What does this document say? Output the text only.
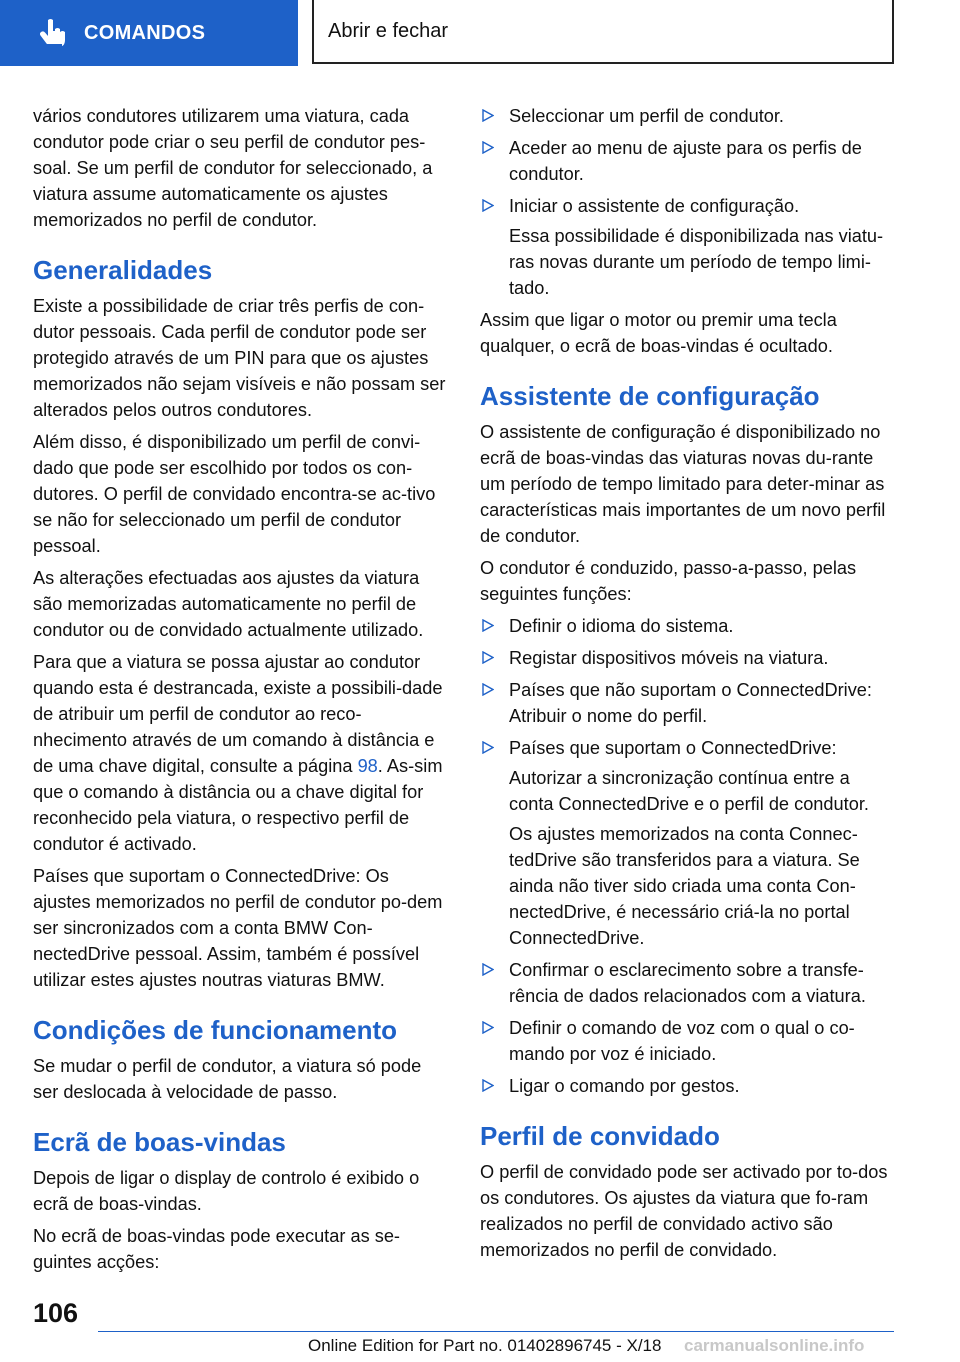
COMANDOS	Abrir e fechar

vários condutores utilizarem uma viatura, cada condutor pode criar o seu perfil de condutor pes-soal. Se um perfil de condutor for seleccionado, a viatura assume automaticamente os ajustes memorizados no perfil de condutor.

Generalidades

Existe a possibilidade de criar três perfis de con-dutor pessoais. Cada perfil de condutor pode ser protegido através de um PIN para que os ajustes memorizados não sejam visíveis e não possam ser alterados pelos outros condutores.

Além disso, é disponibilizado um perfil de convi-dado que pode ser escolhido por todos os con-dutores. O perfil de convidado encontra-se ac-tivo se não for seleccionado um perfil de condutor pessoal.

As alterações efectuadas aos ajustes da viatura são memorizadas automaticamente no perfil de condutor ou de convidado actualmente utilizado.

Para que a viatura se possa ajustar ao condutor quando esta é destrancada, existe a possibili-dade de atribuir um perfil de condutor ao reco-nhecimento através de um comando à distância e de uma chave digital, consulte a página 98. As-sim que o comando à distância ou a chave digital for reconhecido pela viatura, o respectivo perfil de condutor é activado.

Países que suportam o ConnectedDrive: Os ajustes memorizados no perfil de condutor po-dem ser sincronizados com a conta BMW Con-nectedDrive pessoal. Assim, também é possível utilizar estes ajustes noutras viaturas BMW.

Condições de funcionamento

Se mudar o perfil de condutor, a viatura só pode ser deslocada à velocidade de passo.

Ecrã de boas-vindas

Depois de ligar o display de controlo é exibido o ecrã de boas-vindas.

No ecrã de boas-vindas pode executar as se-guintes acções:

Seleccionar um perfil de condutor.
Aceder ao menu de ajuste para os perfis de condutor.
Iniciar o assistente de configuração.

Essa possibilidade é disponibilizada nas viatu-ras novas durante um período de tempo limi-tado.

Assim que ligar o motor ou premir uma tecla qualquer, o ecrã de boas-vindas é ocultado.

Assistente de configuração

O assistente de configuração é disponibilizado no ecrã de boas-vindas das viaturas novas du-rante um período de tempo limitado para deter-minar as características mais importantes de um novo perfil de condutor.

O condutor é conduzido, passo-a-passo, pelas seguintes funções:

Definir o idioma do sistema.
Registar dispositivos móveis na viatura.
Países que não suportam o ConnectedDrive: Atribuir o nome do perfil.
Países que suportam o ConnectedDrive:

Autorizar a sincronização contínua entre a conta ConnectedDrive e o perfil de condutor.

Os ajustes memorizados na conta Connec-tedDrive são transferidos para a viatura. Se ainda não tiver sido criada uma conta Con-nectedDrive, é necessário criá-la no portal ConnectedDrive.

Confirmar o esclarecimento sobre a transfe-rência de dados relacionados com a viatura.
Definir o comando de voz com o qual o co-mando por voz é iniciado.
Ligar o comando por gestos.
Perfil de convidado

O perfil de convidado pode ser activado por to-dos os condutores. Os ajustes da viatura que fo-ram realizados no perfil de convidado activo são memorizados no perfil de convidado.

106
Online Edition for Part no. 01402896745 - X/18 carmanualsonline.info
